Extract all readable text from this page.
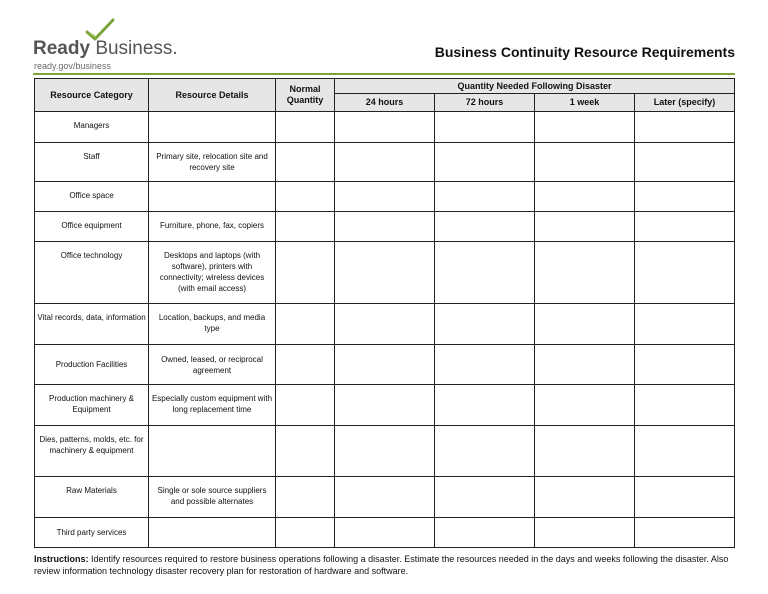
Ready Business.
ready.gov/business
Business Continuity Resource Requirements
Resource Category	Resource Details	Normal Quantity	Quantity Needed Following Disaster			
			24 hours	72 hours	1 week	Later (specify)
Managers						
Staff	Primary site, relocation site and recovery site					
Office space						
Office equipment	Furniture, phone, fax, copiers					
Office technology	Desktops and laptops (with software), printers with connectivity; wireless devices (with email access)					
Vital records, data, information	Location, backups, and media type					
Production Facilities	Owned, leased, or reciprocal agreement					
Production machinery & Equipment	Especially custom equipment with long replacement time					
Dies, patterns, molds, etc. for machinery & equipment						
Raw Materials	Single or sole source suppliers and possible alternates					
Third party services						
Instructions: Identify resources required to restore business operations following a disaster. Estimate the resources needed in the days and weeks following the disaster. Also review information technology disaster recovery plan for restoration of hardware and software.
